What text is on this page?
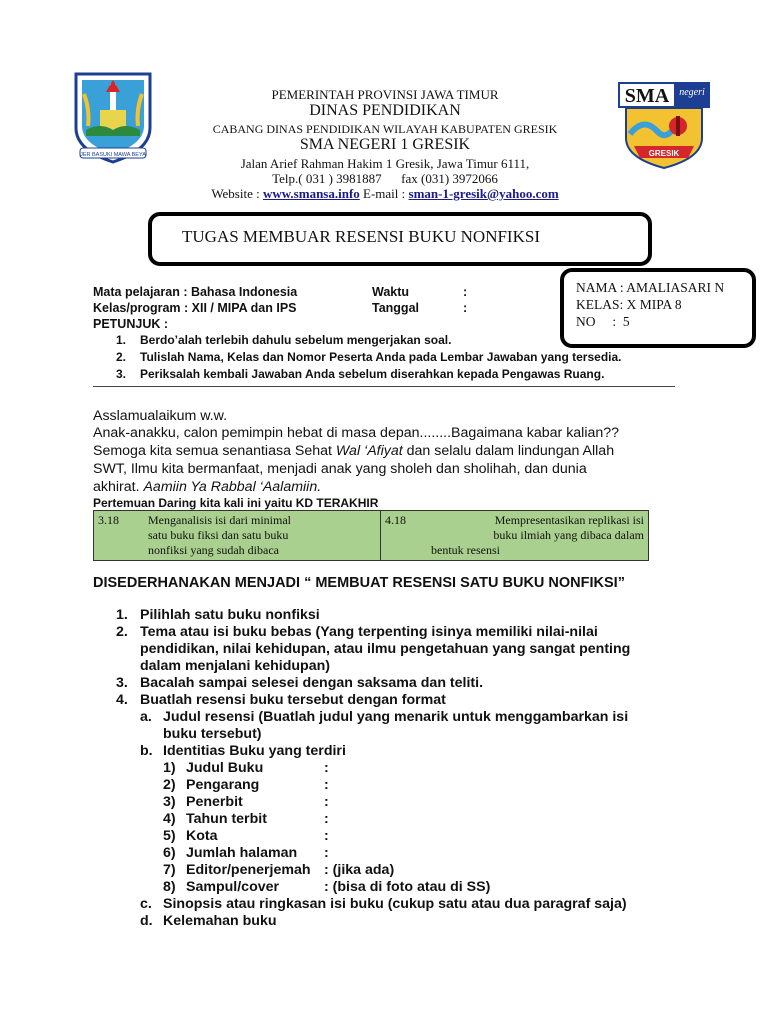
JER BASUKI MAWA BEYA
SMA negeri
GRESIK
PEMERINTAH PROVINSI JAWA TIMUR
DINAS PENDIDIKAN
CABANG DINAS PENDIDIKAN WILAYAH KABUPATEN GRESIK
SMA NEGERI 1 GRESIK
Jalan Arief Rahman Hakim 1 Gresik, Jawa Timur 6111,
Telp.( 031 ) 3981887      fax (031) 3972066
Website : www.smansa.info E-mail : sman-1-gresik@yahoo.com
TUGAS MEMBUAR RESENSI BUKU NONFIKSI
NAMA : AMALIASARI N
KELAS: X MIPA 8
NO     :  5
Mata pelajaran : Bahasa Indonesia
Kelas/program : XII / MIPA dan IPS
PETUNJUK :
Waktu	:
Tanggal	:
1. Berdo’alah terlebih dahulu sebelum mengerjakan soal.
2. Tulislah Nama, Kelas dan Nomor Peserta Anda pada Lembar Jawaban yang tersedia.
3. Periksalah kembali Jawaban Anda sebelum diserahkan kepada Pengawas Ruang.
Asslamualaikum w.w.
Anak-anakku, calon pemimpin hebat di masa depan........Bagaimana kabar kalian??
Semoga kita semua senantiasa Sehat Wal ‘Afiyat dan selalu dalam lindungan Allah
SWT, Ilmu kita bermanfaat, menjadi anak yang sholeh dan sholihah, dan dunia
akhirat. Aamiin Ya Rabbal ‘Aalamiin.
Pertemuan Daring kita kali ini yaitu KD TERAKHIR
3.18 Menganalisis isi dari minimal
satu buku fiksi dan satu buku
nonfiksi yang sudah dibaca

4.18	Mempresentasikan replikasi isi
buku ilmiah yang dibaca dalam
bentuk resensi
DISEDERHANAKAN MENJADI “ MEMBUAT RESENSI SATU BUKU NONFIKSI”
1. Pilihlah satu buku nonfiksi
2. Tema atau isi buku bebas (Yang terpenting isinya memiliki nilai-nilai
pendidikan, nilai kehidupan, atau ilmu pengetahuan yang sangat penting
dalam menjalani kehidupan)
3. Bacalah sampai selesei dengan saksama dan teliti.
4. Buatlah resensi buku tersebut dengan format
a. Judul resensi (Buatlah judul yang menarik untuk menggambarkan isi
buku tersebut)
b. Identitias Buku yang terdiri
1) Judul Buku	:
2) Pengarang	:
3) Penerbit	:
4) Tahun terbit	:
5) Kota	:
6) Jumlah halaman :
7) Editor/penerjemah : (jika ada)
8) Sampul/cover	: (bisa di foto atau di SS)
c. Sinopsis atau ringkasan isi buku (cukup satu atau dua paragraf saja)
d. Kelemahan buku
